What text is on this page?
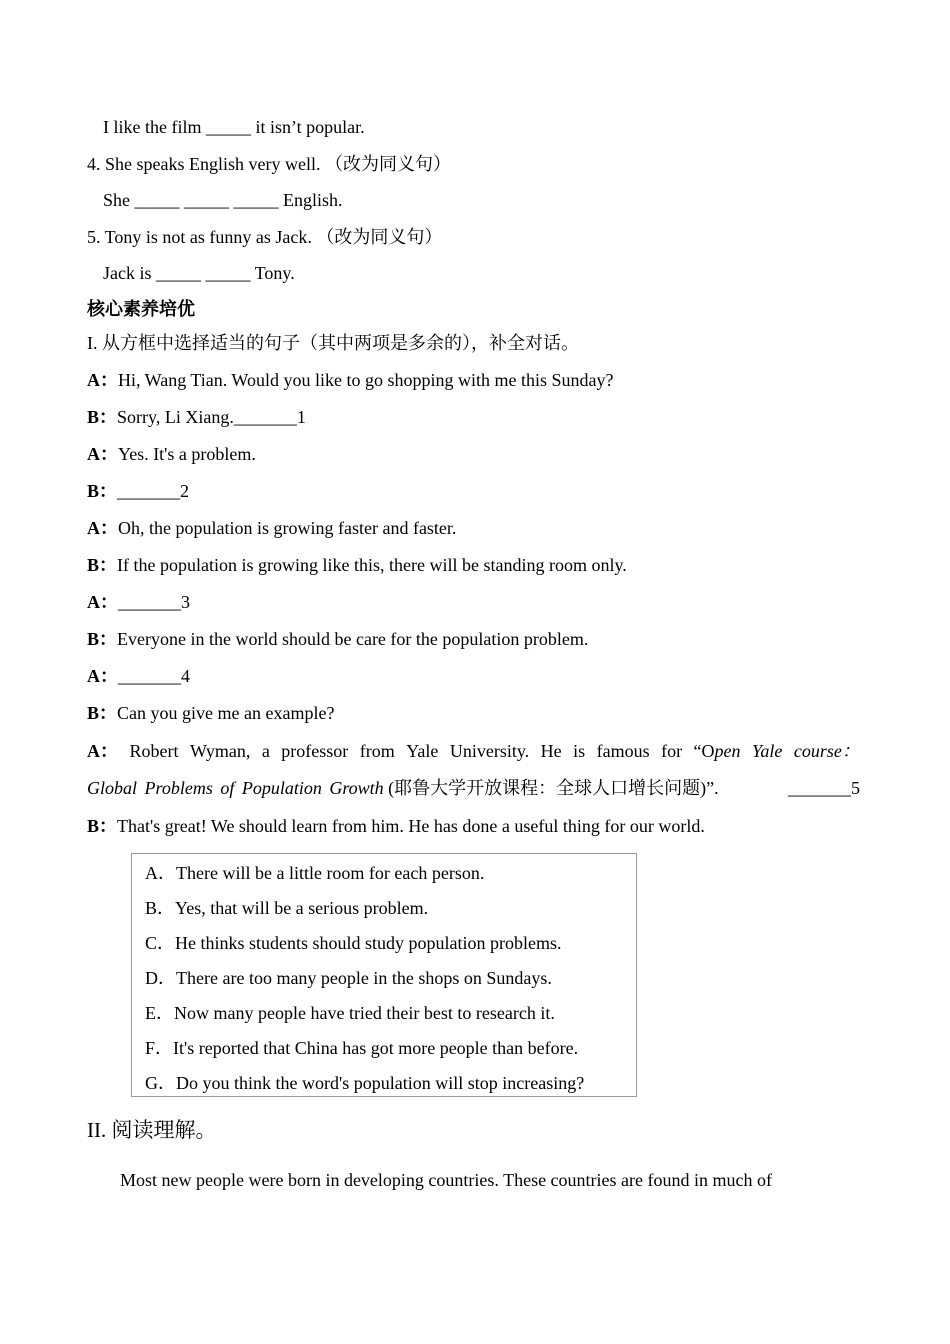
I like the film _____ it isn’t popular.
4. She speaks English very well. （改为同义句）
She _____ _____ _____ English.
5. Tony is not as funny as Jack. （改为同义句）
Jack is _____ _____ Tony.
核心素养培优
I. 从方框中选择适当的句子（其中两项是多余的），补全对话。
A：Hi, Wang Tian. Would you like to go shopping with me this Sunday?
B：Sorry, Li Xiang._______1
A：Yes. It's a problem.
B：_______2
A：Oh, the population is growing faster and faster.
B：If the population is growing like this, there will be standing room only.
A：_______3
B：Everyone in the world should be care for the population problem.
A：_______4
B：Can you give me an example?
A： Robert Wyman, a professor from Yale University. He is famous for “Open Yale course：
Global Problems of Population Growth (耶鲁大学开放课程：全球人口增长问题)”.	_______5
B：That's great! We should learn from him. He has done a useful thing for our world.
A．There will be a little room for each person.
B．Yes, that will be a serious problem.
C．He thinks students should study population problems.
D．There are too many people in the shops on Sundays.
E．Now many people have tried their best to research it.
F．It's reported that China has got more people than before.
G．Do you think the word's population will stop increasing?
II. 阅读理解。
Most new people were born in developing countries. These countries are found in much of
